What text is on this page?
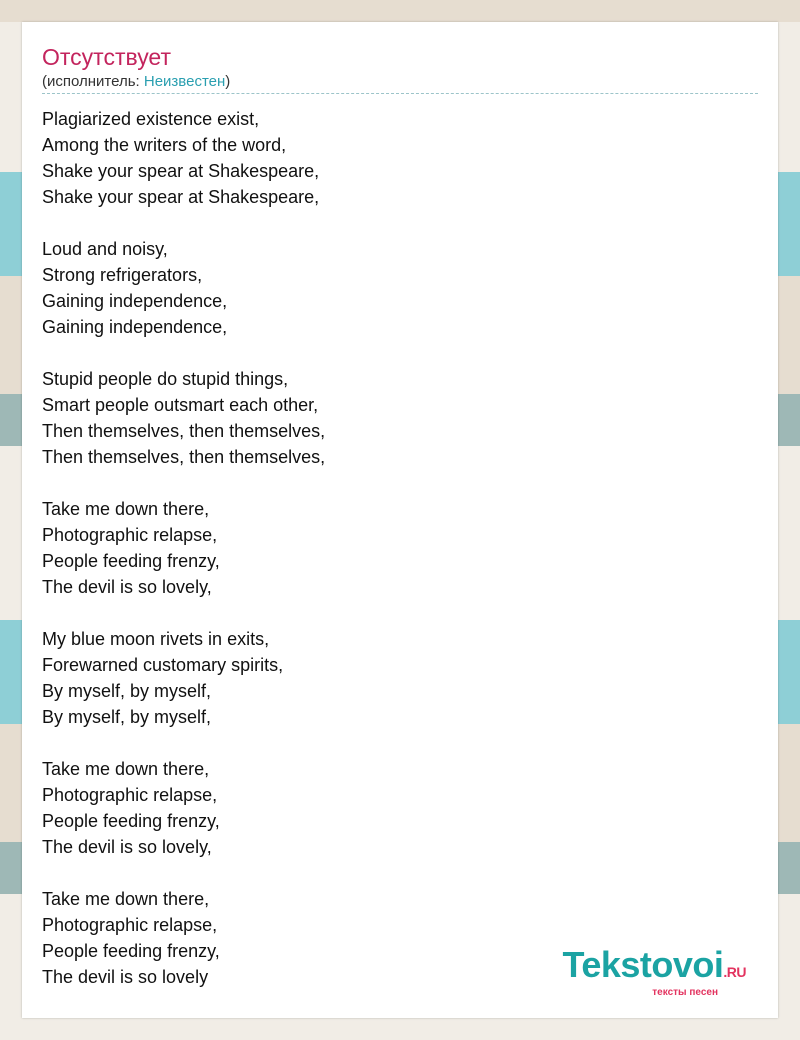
Отсутствует
(исполнитель: Неизвестен)
Plagiarized existence exist,
Among the writers of the word,
Shake your spear at Shakespeare,
Shake your spear at Shakespeare,
Loud and noisy,
Strong refrigerators,
Gaining independence,
Gaining independence,
Stupid people do stupid things,
Smart people outsmart each other,
Then themselves, then themselves,
Then themselves, then themselves,
Take me down there,
Photographic relapse,
People feeding frenzy,
The devil is so lovely,
My blue moon rivets in exits,
Forewarned customary spirits,
By myself, by myself,
By myself, by myself,
Take me down there,
Photographic relapse,
People feeding frenzy,
The devil is so lovely,
Take me down there,
Photographic relapse,
People feeding frenzy,
The devil is so lovely	Tekstovoi.RU
тексты песен
